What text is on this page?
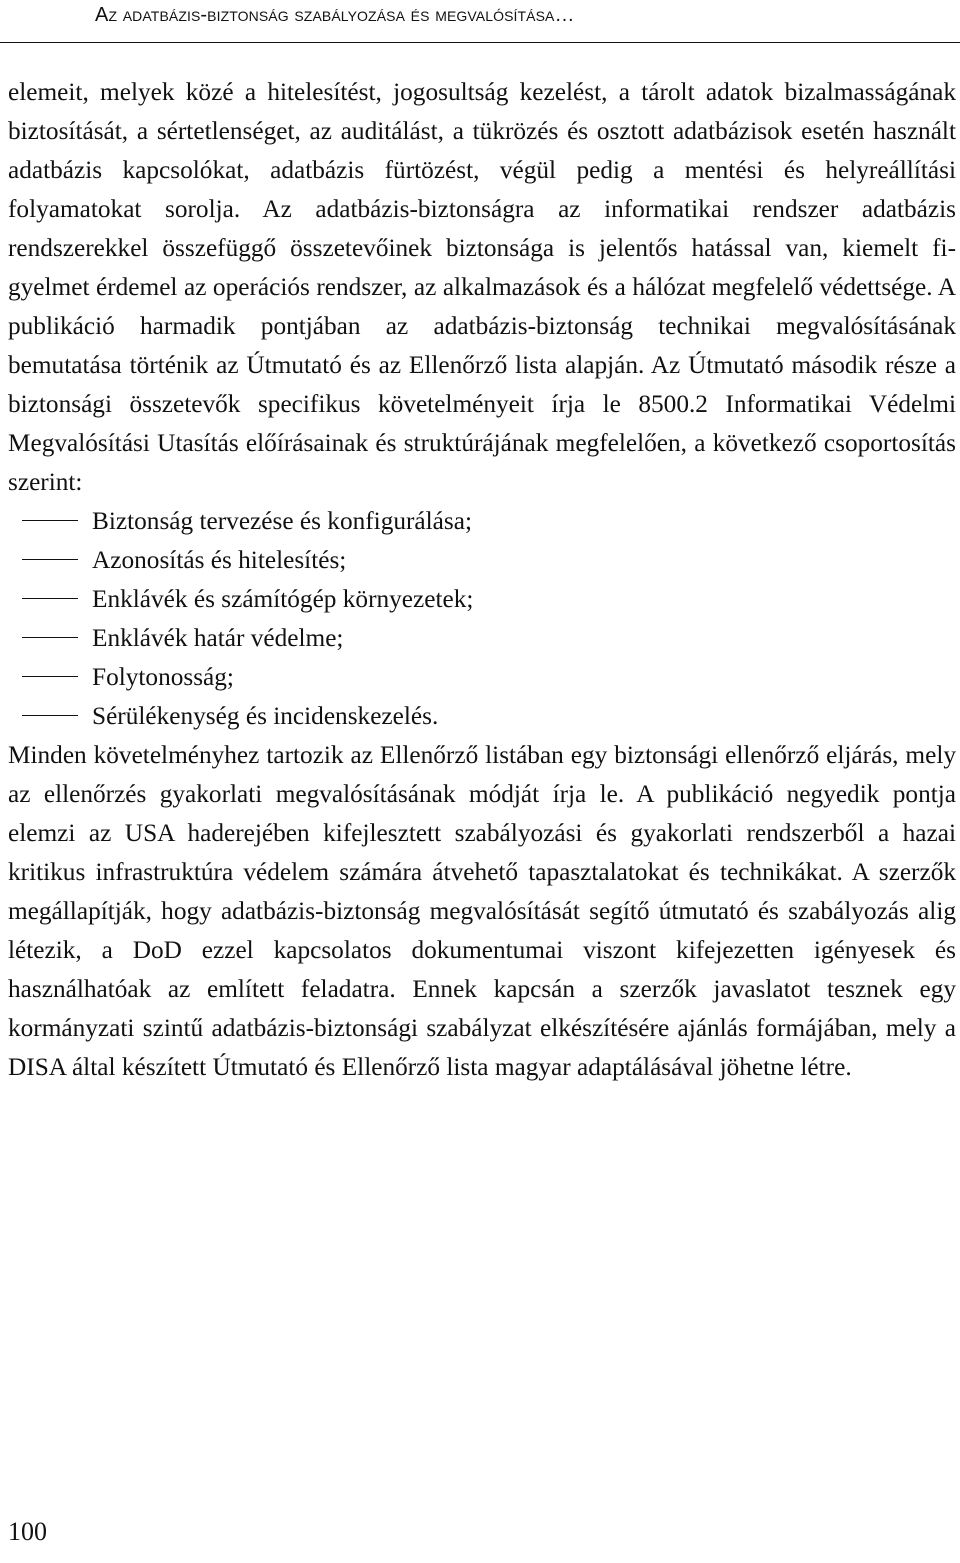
Az adatbázis-biztonság szabályozása és megvalósítása…

elemeit, melyek közé a hitelesítést, jogosultság kezelést, a tárolt adatok bizalmasságának biztosítását, a sértetlenséget, az auditálást, a tükrözés és osztott adatbázisok esetén használt adatbázis kapcsolókat, adatbázis fürtözést, végül pedig a mentési és helyreállítási folyamatokat sorolja. Az adatbázis-biztonságra az informatikai rendszer adatbázis rendszerekkel összefüggő összetevőinek biztonsága is jelentős hatással van, kiemelt figyelmet érdemel az operációs rendszer, az alkalmazások és a hálózat megfelelő védettsége. A publikáció harmadik pontjában az adatbázis-biztonság technikai megvalósításának bemutatása történik az Útmutató és az Ellenőrző lista alapján. Az Útmutató második része a biztonsági összetevők specifikus követelményeit írja le 8500.2 Informatikai Védelmi Megvalósítási Utasítás előírásainak és struktúrájának megfelelően, a következő csoportosítás szerint:

Biztonság tervezése és konfigurálása;
Azonosítás és hitelesítés;
Enklávék és számítógép környezetek;
Enklávék határ védelme;
Folytonosság;
Sérülékenység és incidenskezelés.

Minden követelményhez tartozik az Ellenőrző listában egy biztonsági ellenőrző eljárás, mely az ellenőrzés gyakorlati megvalósításának módját írja le. A publikáció negyedik pontja elemzi az USA haderejében kifejlesztett szabályozási és gyakorlati rendszerből a hazai kritikus infrastruktúra védelem számára átvehető tapasztalatokat és technikákat. A szerzők megállapítják, hogy adatbázis-biztonság megvalósítását segítő útmutató és szabályozás alig létezik, a DoD ezzel kapcsolatos dokumentumai viszont kifejezetten igényesek és használhatóak az említett feladatra. Ennek kapcsán a szerzők javaslatot tesznek egy kormányzati szintű adatbázis-biztonsági szabályzat elkészítésére ajánlás formájában, mely a DISA által készített Útmutató és Ellenőrző lista magyar adaptálásával jöhetne létre.

100
